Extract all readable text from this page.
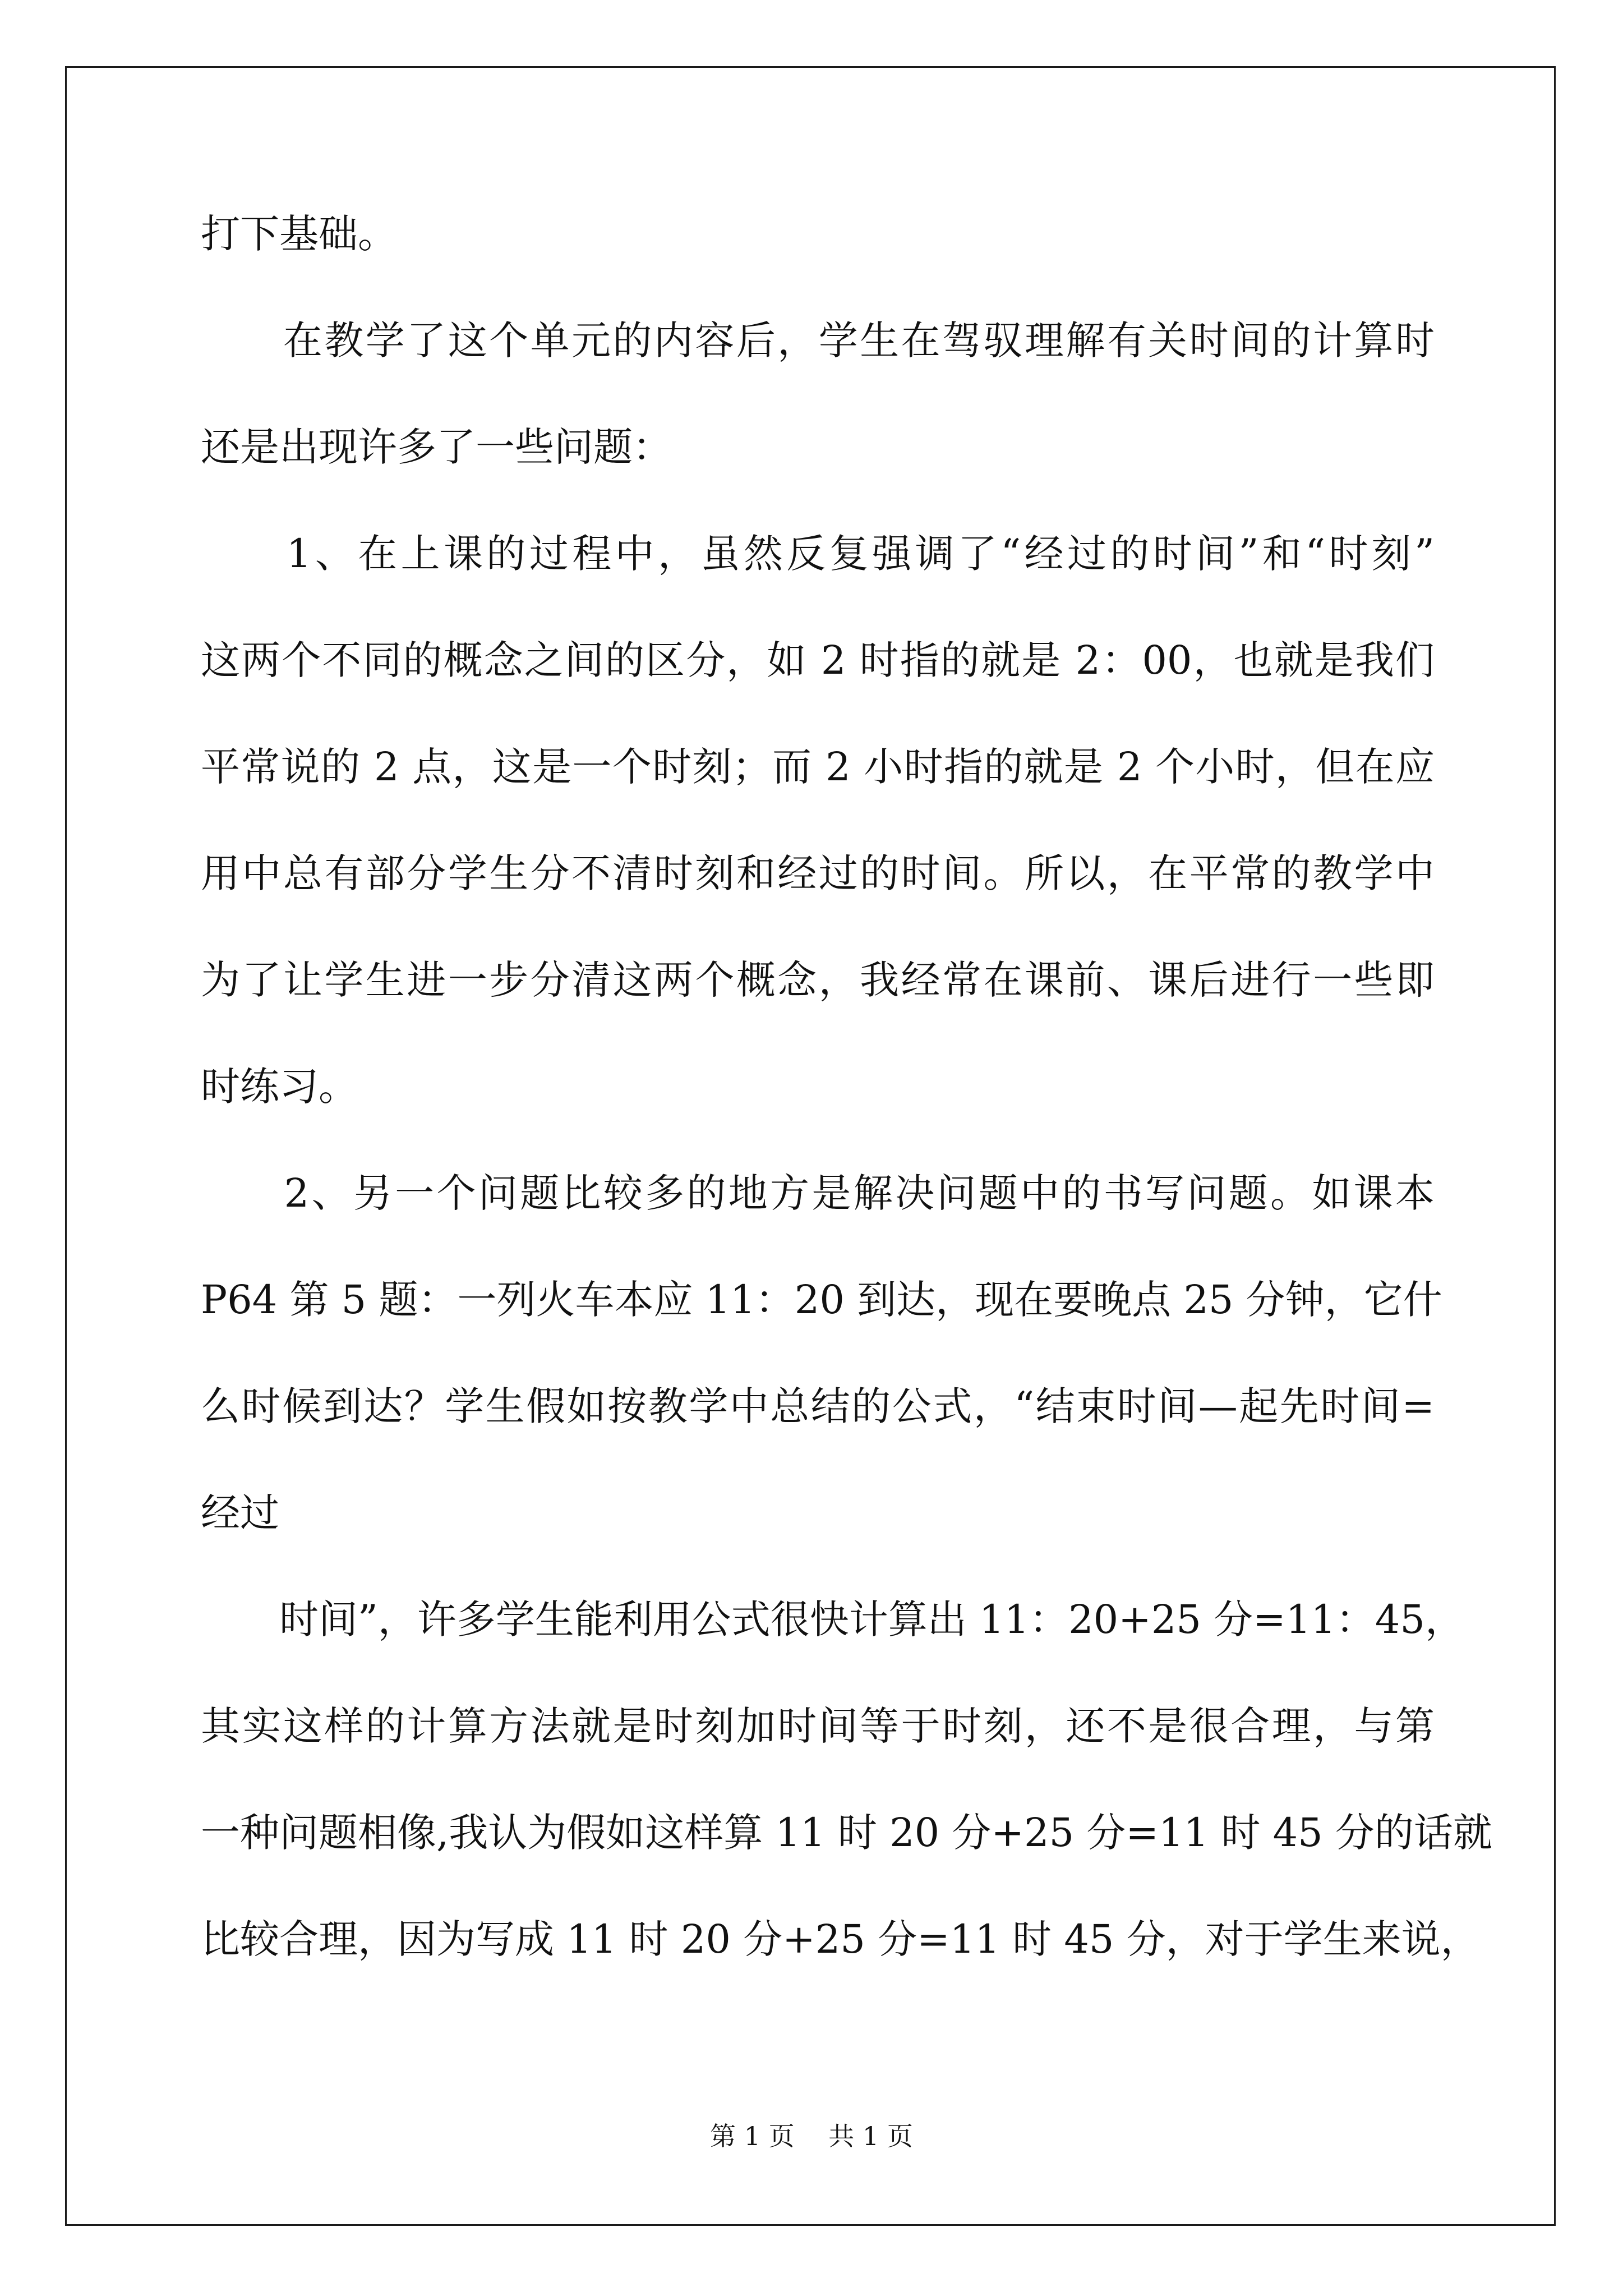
打下基础。
　　在教学了这个单元的内容后，学生在驾驭理解有关时间的计算时
还是出现许多了一些问题：
　　1、在上课的过程中，虽然反复强调了“经过的时间”和“时刻”
这两个不同的概念之间的区分，如 2 时指的就是 2：00，也就是我们
平常说的 2 点，这是一个时刻；而 2 小时指的就是 2 个小时，但在应
用中总有部分学生分不清时刻和经过的时间。所以，在平常的教学中
为了让学生进一步分清这两个概念，我经常在课前、课后进行一些即
时练习。
　　2、另一个问题比较多的地方是解决问题中的书写问题。如课本
P64 第 5 题：一列火车本应 11：20 到达，现在要晚点 25 分钟，它什
么时候到达？学生假如按教学中总结的公式，“结束时间—起先时间=
经过
　　时间”，许多学生能利用公式很快计算出 11：20+25 分=11：45，
其实这样的计算方法就是时刻加时间等于时刻，还不是很合理，与第
一种问题相像,我认为假如这样算 11 时 20 分+25 分=11 时 45 分的话就
比较合理，因为写成 11 时 20 分+25 分=11 时 45 分，对于学生来说，
第 1 页　 共 1 页
